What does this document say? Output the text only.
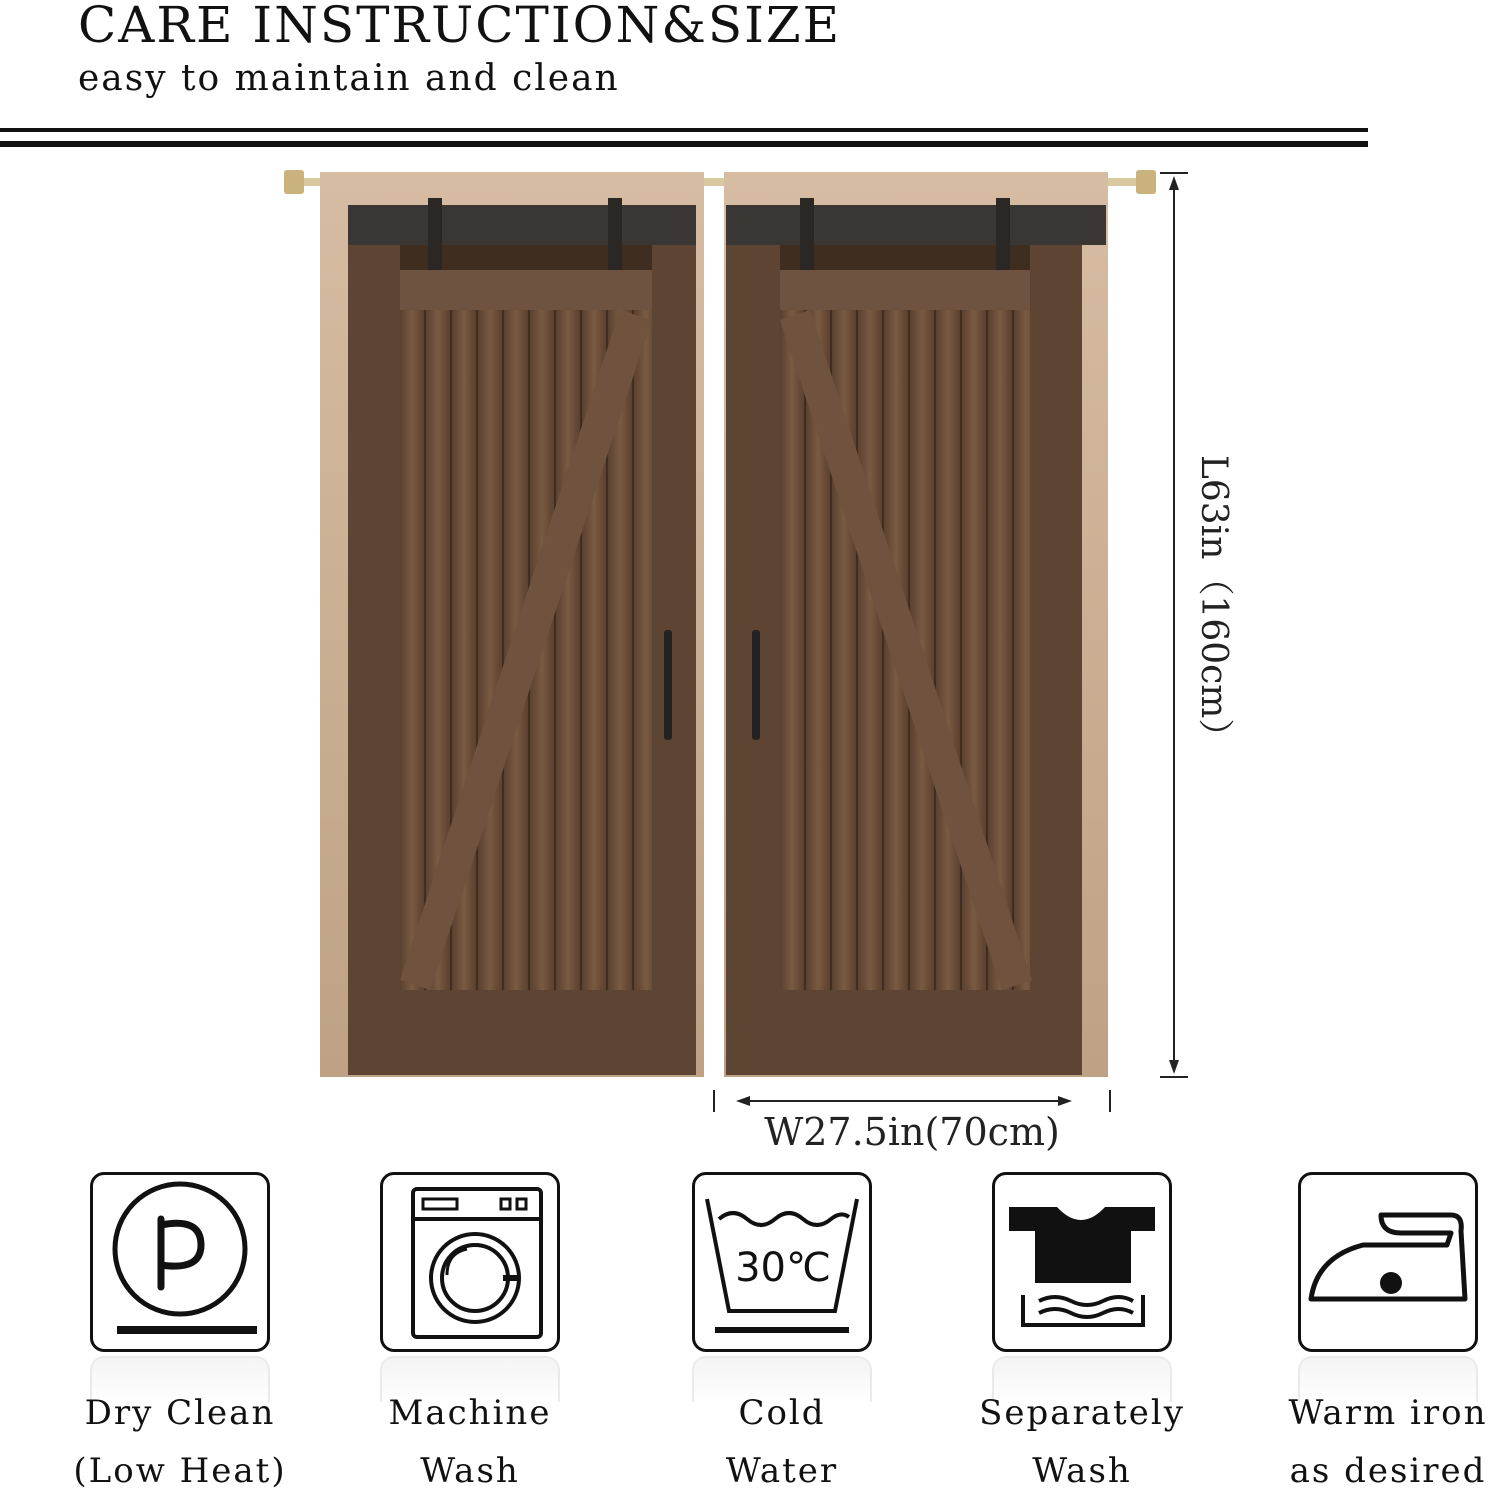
CARE INSTRUCTION&SIZE
easy to maintain and clean
L63in（160cm）
W27.5in(70cm)
Dry Clean
(Low Heat)
Machine
Wash
30℃
Cold
Water
Separately
Wash
Warm iron
as desired
